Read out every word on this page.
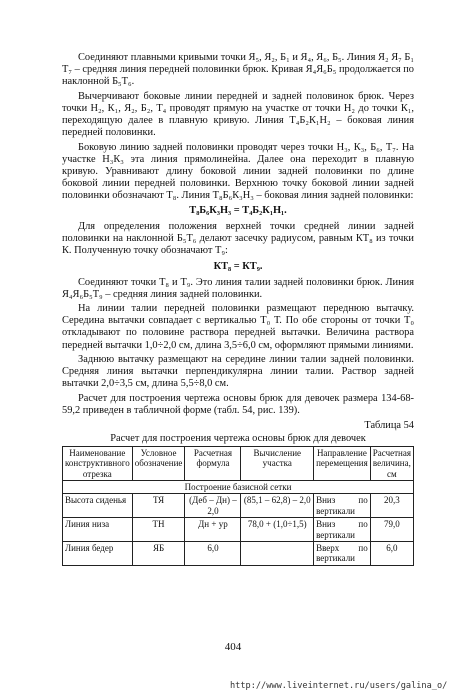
Соединяют плавными кривыми точки Я₅, Я₂, Б₁ и Я₄, Я₆, Б₅. Линия Я₂ Я₇ Б₁ Т₇ – средняя линия передней половинки брюк. Кривая Я₄Я₆Б₅ продолжается по наклонной Б₅Т₆.

Вычерчивают боковые линии передней и задней половинок брюк. Через точки Н₂, К₁, Я₂, Б₂, Т₄ проводят прямую на участке от точки Н₂ до точки К₁, переходящую далее в плавную кривую. Линия Т₄Б₂К₁Н₂ – боковая линия передней половинки.

Боковую линию задней половинки проводят через точки Н₃, К₃, Б₆, Т₇. На участке Н₃К₃ эта линия прямолинейна. Далее она переходит в плавную кривую. Уравнивают длину боковой линии задней половинки по длине боковой линии передней половинки. Верхнюю точку боковой линии задней половинки обозначают Т₈. Линия Т₈Б₆К₃Н₃ – боковая линия задней половинки:

Т₈Б₆К₃Н₃ = Т₄Б₂К₁Н₁.

Для определения положения верхней точки средней линии задней половинки на наклонной Б₅Т₆ делают засечку радиусом, равным КТ₈ из точки К. Полученную точку обозначают Т₉:

КТ₈ = КТ₉.

Соединяют точки Т₈ и Т₉. Это линия талии задней половинки брюк. Линия Я₄Я₆Б₅Т₉ – средняя линия задней половинки.

На линии талии передней половинки размещают переднюю вытачку. Середина вытачки совпадает с вертикалью Т₀ Т. По обе стороны от точки Т₀ откладывают по половине раствора передней вытачки. Величина раствора передней вытачки 1,0÷2,0 см, длина 3,5÷6,0 см, оформляют прямыми линиями.

Заднюю вытачку размещают на середине линии талии задней половинки. Средняя линия вытачки перпендикулярна линии талии. Раствор задней вытачки 2,0÷3,5 см, длина 5,5÷8,0 см.

Расчет для построения чертежа основы брюк для девочек размера 134-68-59,2 приведен в табличной форме (табл. 54, рис. 139).

Таблица 54
Расчет для построения чертежа основы брюк для девочек
Наименование конструктивного отрезка	Условное обозначение	Расчетная формула	Вычисление участка	Направление перемещения	Расчетная величина, см
Построение базисной сетки					
Высота сиденья	ТЯ	(Деб – Дн) – 2,0	(85,1 – 62,8) – 2,0	Вниз по вертикали	20,3
Линия низа	ТН	Дн + ур	78,0 + (1,0÷1,5)	Вниз по вертикали	79,0
Линия бедер	ЯБ	6,0		Вверх по вертикали	6,0
404
http://www.liveinternet.ru/users/galina_o/
